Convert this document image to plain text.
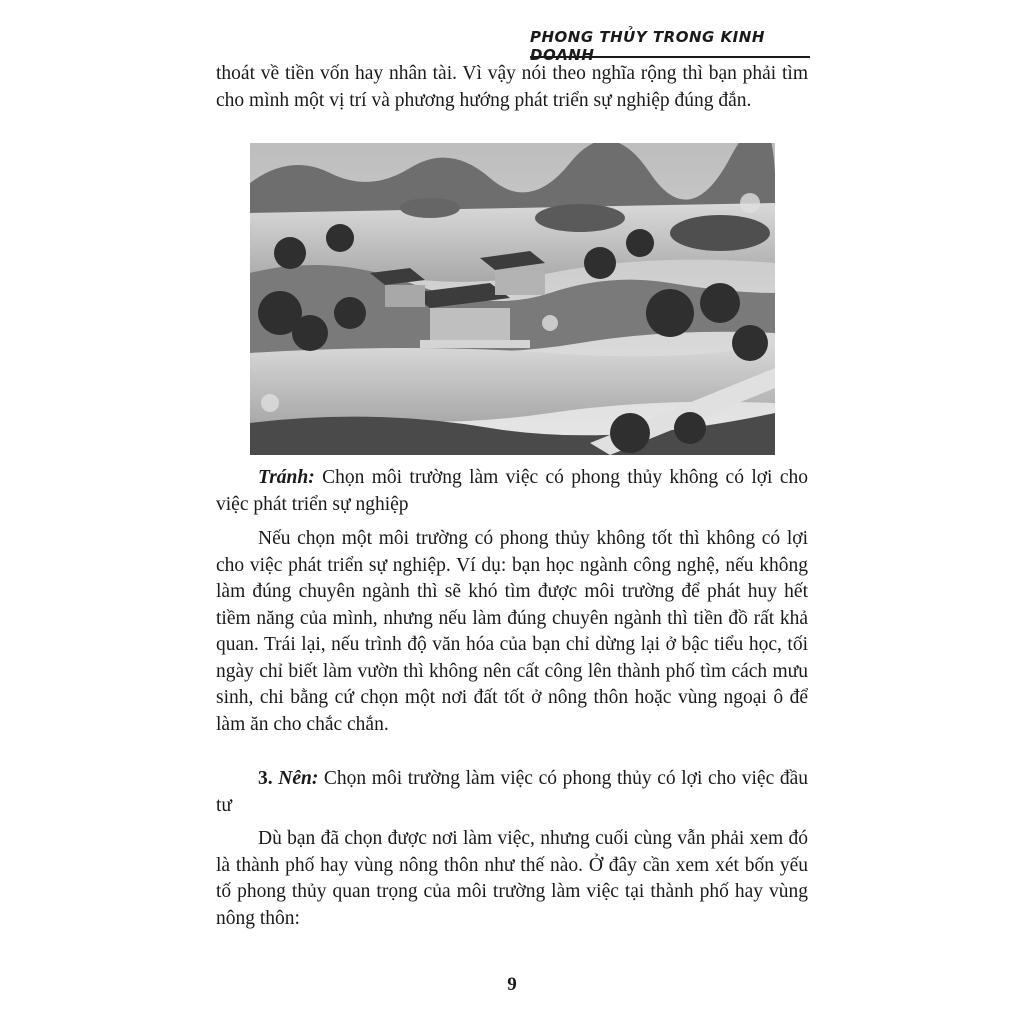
PHONG THỦY TRONG KINH DOANH

thoát về tiền vốn hay nhân tài. Vì vậy nói theo nghĩa rộng thì bạn phải tìm cho mình một vị trí và phương hướng phát triển sự nghiệp đúng đắn.

Tránh: Chọn môi trường làm việc có phong thủy không có lợi cho việc phát triển sự nghiệp

Nếu chọn một môi trường có phong thủy không tốt thì không có lợi cho việc phát triển sự nghiệp. Ví dụ: bạn học ngành công nghệ, nếu không làm đúng chuyên ngành thì sẽ khó tìm được môi trường để phát huy hết tiềm năng của mình, nhưng nếu làm đúng chuyên ngành thì tiền đồ rất khả quan. Trái lại, nếu trình độ văn hóa của bạn chỉ dừng lại ở bậc tiểu học, tối ngày chỉ biết làm vườn thì không nên cất công lên thành phố tìm cách mưu sinh, chi bằng cứ chọn một nơi đất tốt ở nông thôn hoặc vùng ngoại ô để làm ăn cho chắc chắn.

3. Nên: Chọn môi trường làm việc có phong thủy có lợi cho việc đầu tư

Dù bạn đã chọn được nơi làm việc, nhưng cuối cùng vẫn phải xem đó là thành phố hay vùng nông thôn như thế nào. Ở đây cần xem xét bốn yếu tố phong thủy quan trọng của môi trường làm việc tại thành phố hay vùng nông thôn:

9
